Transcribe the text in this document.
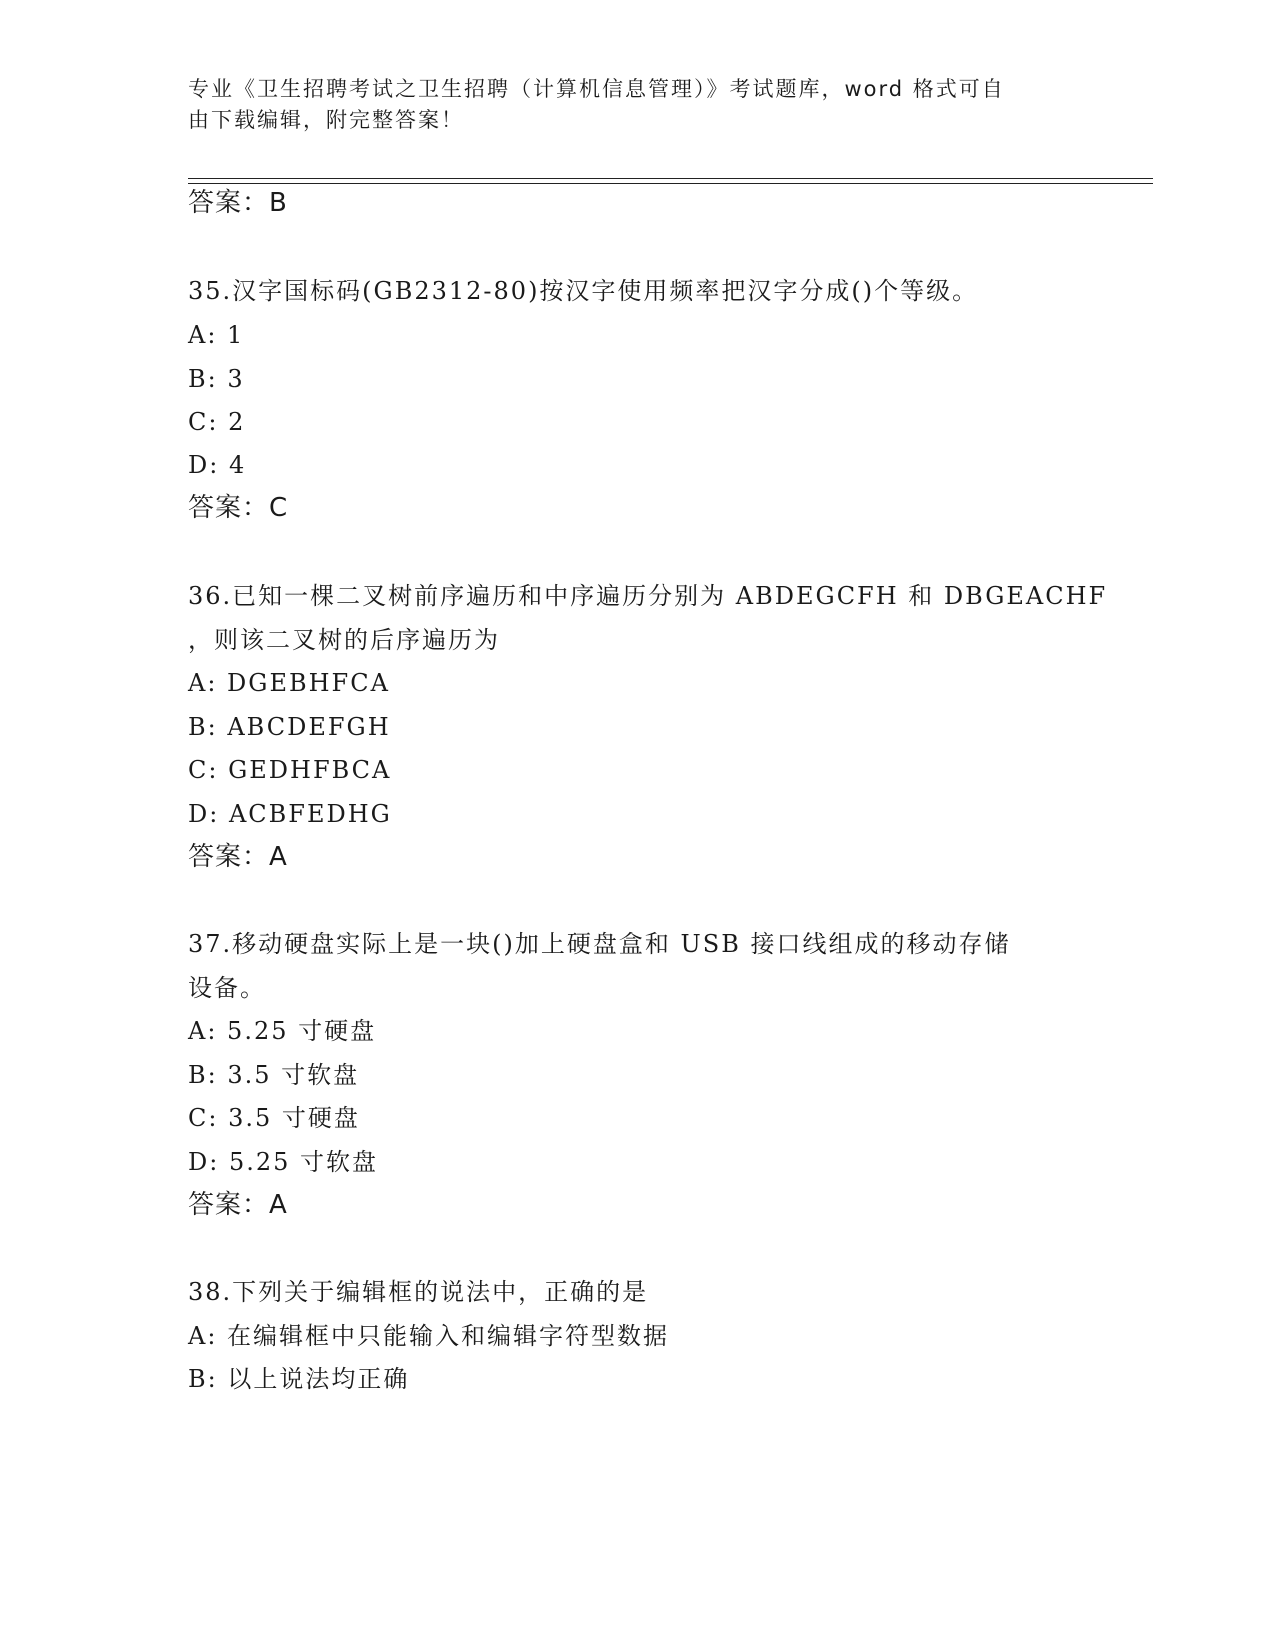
专业《卫生招聘考试之卫生招聘（计算机信息管理）》考试题库，word 格式可自
由下载编辑，附完整答案！
答案：B
35.汉字国标码(GB2312-80)按汉字使用频率把汉字分成()个等级。
A: 1
B: 3
C: 2
D: 4
答案：C
36.已知一棵二叉树前序遍历和中序遍历分别为 ABDEGCFH 和 DBGEACHF
，则该二叉树的后序遍历为
A: DGEBHFCA
B: ABCDEFGH
C: GEDHFBCA
D: ACBFEDHG
答案：A
37.移动硬盘实际上是一块()加上硬盘盒和 USB 接口线组成的移动存储
设备。
A: 5.25 寸硬盘
B: 3.5 寸软盘
C: 3.5 寸硬盘
D: 5.25 寸软盘
答案：A
38.下列关于编辑框的说法中，正确的是
A: 在编辑框中只能输入和编辑字符型数据
B: 以上说法均正确
